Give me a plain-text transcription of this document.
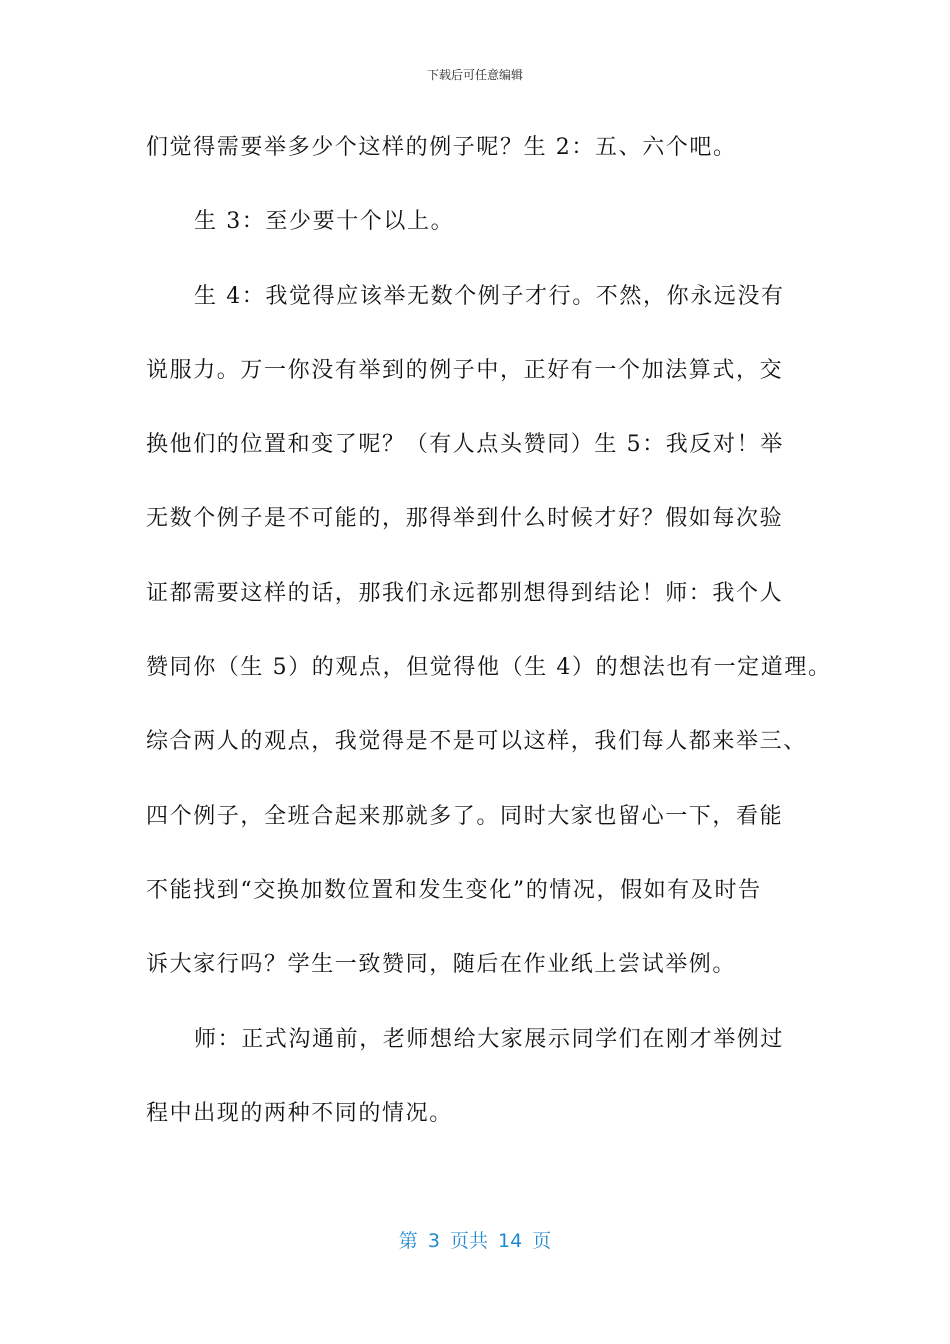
下载后可任意编辑
们觉得需要举多少个这样的例子呢？生 2：五、六个吧。
生 3：至少要十个以上。
生 4：我觉得应该举无数个例子才行。不然，你永远没有
说服力。万一你没有举到的例子中，正好有一个加法算式，交
换他们的位置和变了呢？（有人点头赞同）生 5：我反对！举
无数个例子是不可能的，那得举到什么时候才好？假如每次验
证都需要这样的话，那我们永远都别想得到结论！师：我个人
赞同你（生 5）的观点，但觉得他（生 4）的想法也有一定道理。
综合两人的观点，我觉得是不是可以这样，我们每人都来举三、
四个例子，全班合起来那就多了。同时大家也留心一下，看能
不能找到“交换加数位置和发生变化”的情况，假如有及时告
诉大家行吗？学生一致赞同，随后在作业纸上尝试举例。
师：正式沟通前，老师想给大家展示同学们在刚才举例过
程中出现的两种不同的情况。
第 3 页共 14 页
